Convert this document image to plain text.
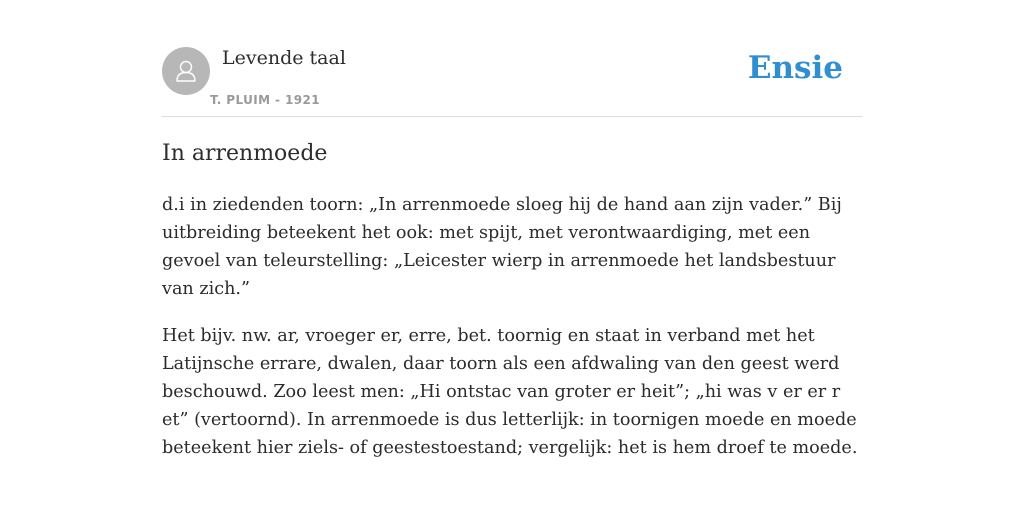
Levende taal
T. PLUIM - 1921
Ensie
In arrenmoede

d.i in ziedenden toorn: „In arrenmoede sloeg hij de hand aan zijn vader.” Bij uitbreiding beteekent het ook: met spijt, met verontwaardiging, met een gevoel van teleurstelling: „Leicester wierp in arrenmoede het landsbestuur van zich.”

Het bijv. nw. ar, vroeger er, erre, bet. toornig en staat in verband met het Latijnsche errare, dwalen, daar toorn als een afdwaling van den geest werd beschouwd. Zoo leest men: „Hi ontstac van groter er heit”; „hi was v er er r et” (vertoornd). In arrenmoede is dus letterlijk: in toornigen moede en moede beteekent hier ziels- of geestestoestand; vergelijk: het is hem droef te moede.
